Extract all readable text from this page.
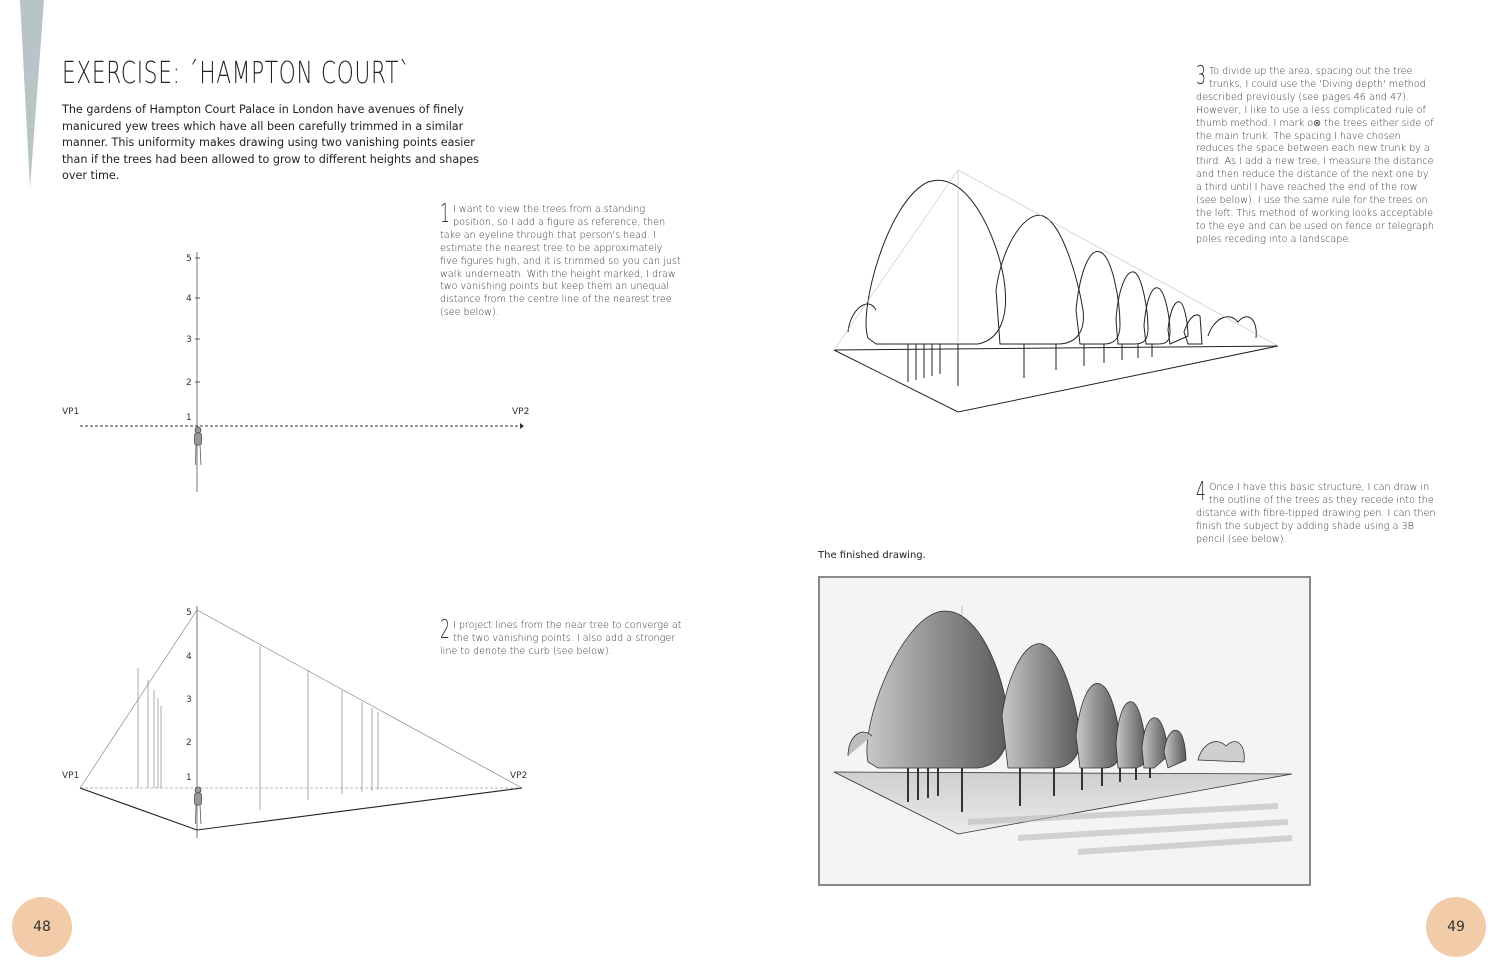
EXERCISE: ´HAMPTON COURT`
The gardens of Hampton Court Palace in London have avenues of finely manicured yew trees which have all been carefully trimmed in a similar manner. This uniformity makes drawing using two vanishing points easier than if the trees had been allowed to grow to different heights and shapes over time.
1 I want to view the trees from a standing position, so I add a figure as reference, then take an eyeline through that person's head. I estimate the nearest tree to be approximately five figures high, and it is trimmed so you can just walk underneath. With the height marked, I draw two vanishing points but keep them an unequal distance from the centre line of the nearest tree (see below).
2 I project lines from the near tree to converge at the two vanishing points. I also add a stronger line to denote the curb (see below).
3 To divide up the area, spacing out the tree trunks, I could use the 'Diving depth' method described previously (see pages 46 and 47). However, I like to use a less complicated rule of thumb method. I mark o⊗ the trees either side of the main trunk. The spacing I have chosen reduces the space between each new trunk by a third. As I add a new tree, I measure the distance and then reduce the distance of the next one by a third until I have reached the end of the row (see below). I use the same rule for the trees on the left. This method of working looks acceptable to the eye and can be used on fence or telegraph poles receding into a landscape.
4 Once I have this basic structure, I can draw in the outline of the trees as they recede into the distance with fibre-tipped drawing pen. I can then finish the subject by adding shade using a 3B pencil (see below).
5
4
3
2
1
VP1	VP2
5
4
3
2
1
VP1	VP2
The finished drawing.
48	49
